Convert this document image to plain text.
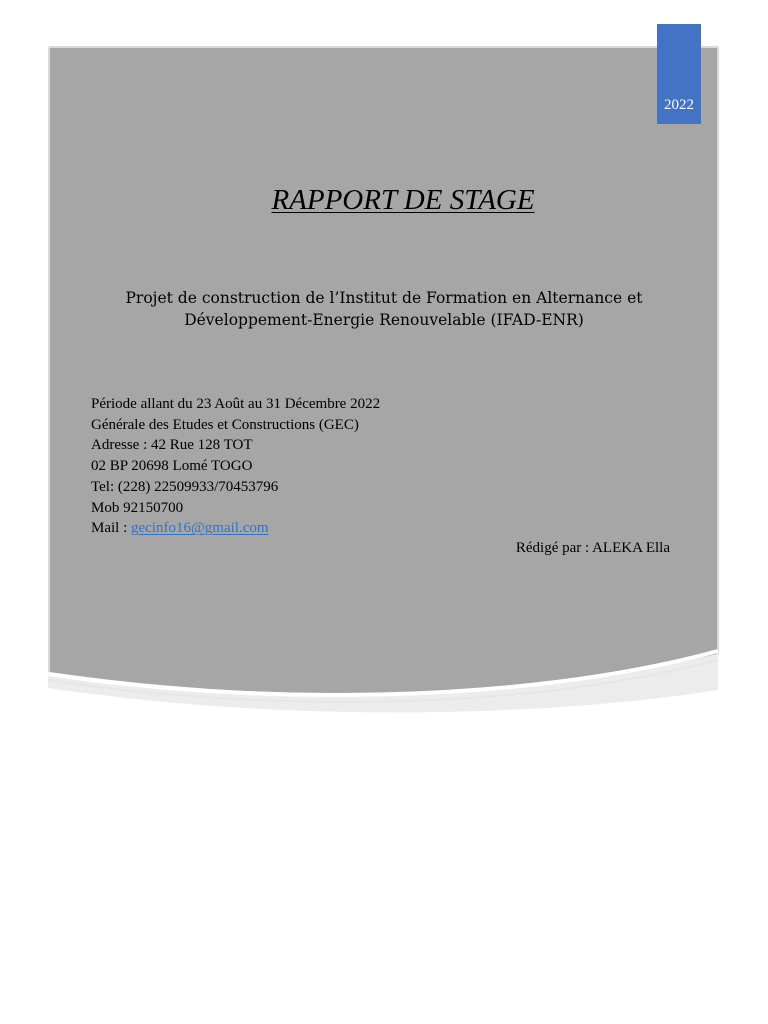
2022
RAPPORT DE STAGE
Projet de construction de l’Institut de Formation en Alternance et Développement-Energie Renouvelable (IFAD-ENR)
Période allant du 23 Août au 31 Décembre 2022
Générale des Etudes et Constructions (GEC)
Adresse : 42 Rue 128 TOT
02 BP 20698 Lomé TOGO
Tel: (228) 22509933/70453796
Mob 92150700
Mail : gecinfo16@gmail.com
Rédigé par : ALEKA Ella
